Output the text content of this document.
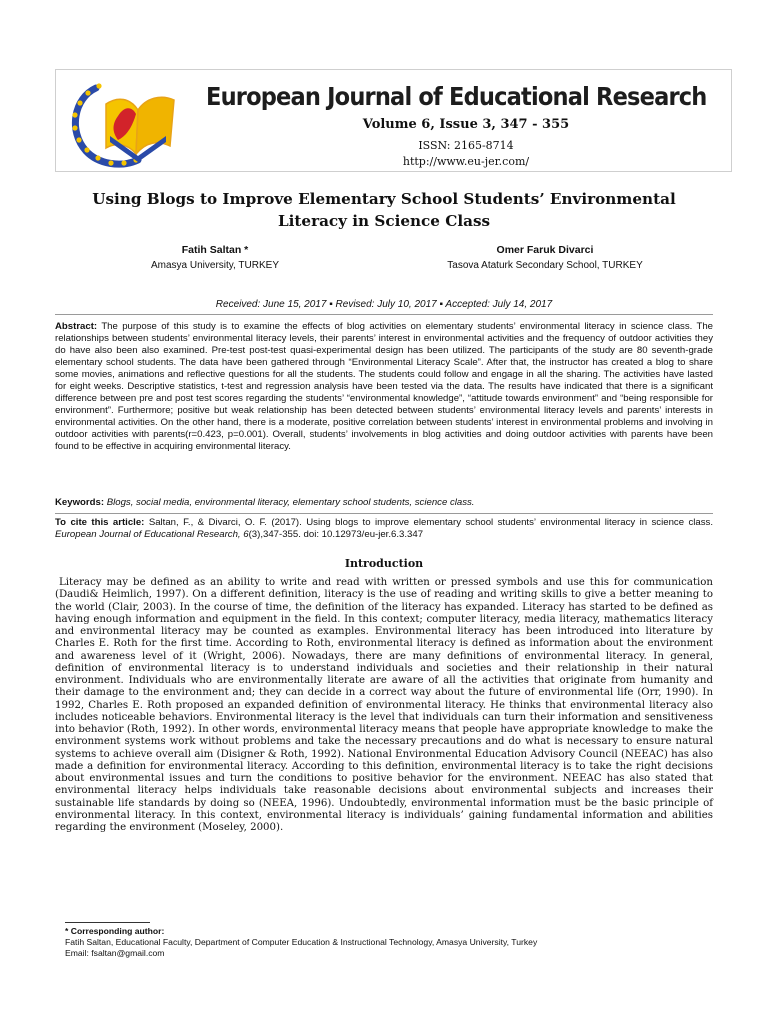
European Journal of Educational Research
Volume 6, Issue 3, 347 - 355
ISSN: 2165-8714
http://www.eu-jer.com/
Using Blogs to Improve Elementary School Students’ Environmental Literacy in Science Class
Fatih Saltan *
Amasya University, TURKEY
Omer Faruk Divarci
Tasova Ataturk Secondary School, TURKEY
Received: June 15, 2017 ▪ Revised: July 10, 2017 ▪ Accepted: July 14, 2017
Abstract: The purpose of this study is to examine the effects of blog activities on elementary students’ environmental literacy in science class. The relationships between students’ environmental literacy levels, their parents’ interest in environmental activities and the frequency of outdoor activities they do have also been also examined. Pre-test post-test quasi-experimental design has been utilized. The participants of the study are 80 seventh-grade elementary school students. The data have been gathered through “Environmental Literacy Scale”. After that, the instructor has created a blog to share some movies, animations and reflective questions for all the students. The students could follow and engage in all the sharing. The activities have lasted for eight weeks. Descriptive statistics, t-test and regression analysis have been tested via the data. The results have indicated that there is a significant difference between pre and post test scores regarding the students’ “environmental knowledge”, “attitude towards environment” and “being responsible for environment”. Furthermore; positive but weak relationship has been detected between students’ environmental literacy levels and parents’ interests in environmental activities. On the other hand, there is a moderate, positive correlation between students’ interest in environmental problems and involving in outdoor activities with parents(r=0.423, p=0.001). Overall, students’ involvements in blog activities and doing outdoor activities with parents have been found to be effective in acquiring environmental literacy.
Keywords: Blogs, social media, environmental literacy, elementary school students, science class.
To cite this article: Saltan, F., & Divarci, O. F. (2017). Using blogs to improve elementary school students’ environmental literacy in science class. European Journal of Educational Research, 6(3),347-355. doi: 10.12973/eu-jer.6.3.347
Introduction
Literacy may be defined as an ability to write and read with written or pressed symbols and use this for communication (Daudi& Heimlich, 1997). On a different definition, literacy is the use of reading and writing skills to give a better meaning to the world (Clair, 2003). In the course of time, the definition of the literacy has expanded. Literacy has started to be defined as having enough information and equipment in the field. In this context; computer literacy, media literacy, mathematics literacy and environmental literacy may be counted as examples. Environmental literacy has been introduced into literature by Charles E. Roth for the first time. According to Roth, environmental literacy is defined as information about the environment and awareness level of it (Wright, 2006). Nowadays, there are many definitions of environmental literacy. In general, definition of environmental literacy is to understand individuals and societies and their relationship in their natural environment. Individuals who are environmentally literate are aware of all the activities that originate from humanity and their damage to the environment and; they can decide in a correct way about the future of environmental life (Orr, 1990). In 1992, Charles E. Roth proposed an expanded definition of environmental literacy. He thinks that environmental literacy also includes noticeable behaviors. Environmental literacy is the level that individuals can turn their information and sensitiveness into behavior (Roth, 1992). In other words, environmental literacy means that people have appropriate knowledge to make the environment systems work without problems and take the necessary precautions and do what is necessary to ensure natural systems to achieve overall aim (Disigner & Roth, 1992). National Environmental Education Advisory Council (NEEAC) has also made a definition for environmental literacy. According to this definition, environmental literacy is to take the right decisions about environmental issues and turn the conditions to positive behavior for the environment. NEEAC has also stated that environmental literacy helps individuals take reasonable decisions about environmental subjects and increases their sustainable life standards by doing so (NEEA, 1996). Undoubtedly, environmental information must be the basic principle of environmental literacy. In this context, environmental literacy is individuals’ gaining fundamental information and abilities regarding the environment (Moseley, 2000).
* Corresponding author:
Fatih Saltan, Educational Faculty, Department of Computer Education & Instructional Technology, Amasya University, Turkey
Email: fsaltan@gmail.com
